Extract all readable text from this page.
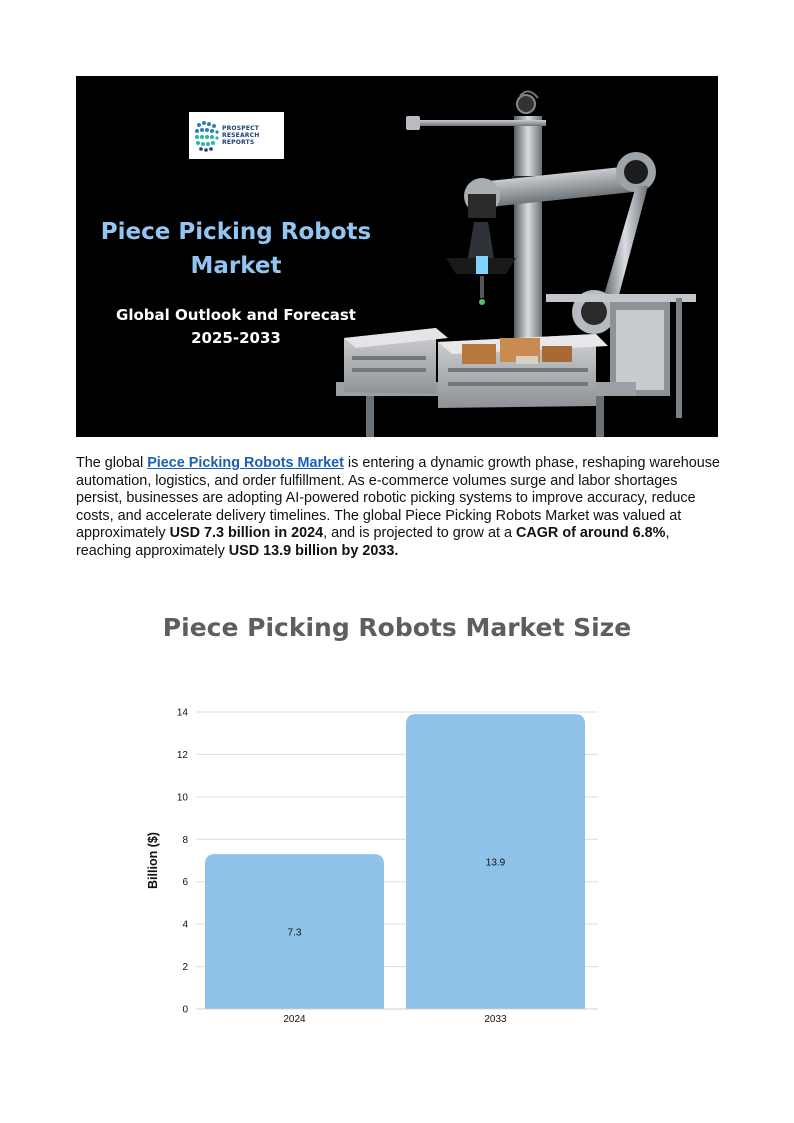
PROSPECT
RESEARCH REPORTS
Piece Picking Robots
Market
Global Outlook and Forecast
2025-2033

The global Piece Picking Robots Market is entering a dynamic growth phase, reshaping warehouse automation, logistics, and order fulfillment. As e-commerce volumes surge and labor shortages persist, businesses are adopting AI-powered robotic picking systems to improve accuracy, reduce costs, and accelerate delivery timelines. The global Piece Picking Robots Market was valued at approximately USD 7.3 billion in 2024, and is projected to grow at a CAGR of around 6.8%, reaching approximately USD 13.9 billion by 2033.

Piece Picking Robots Market Size
0
2
4
6
8
10
12
14
Billion ($)
7.3
2024
13.9
2033
